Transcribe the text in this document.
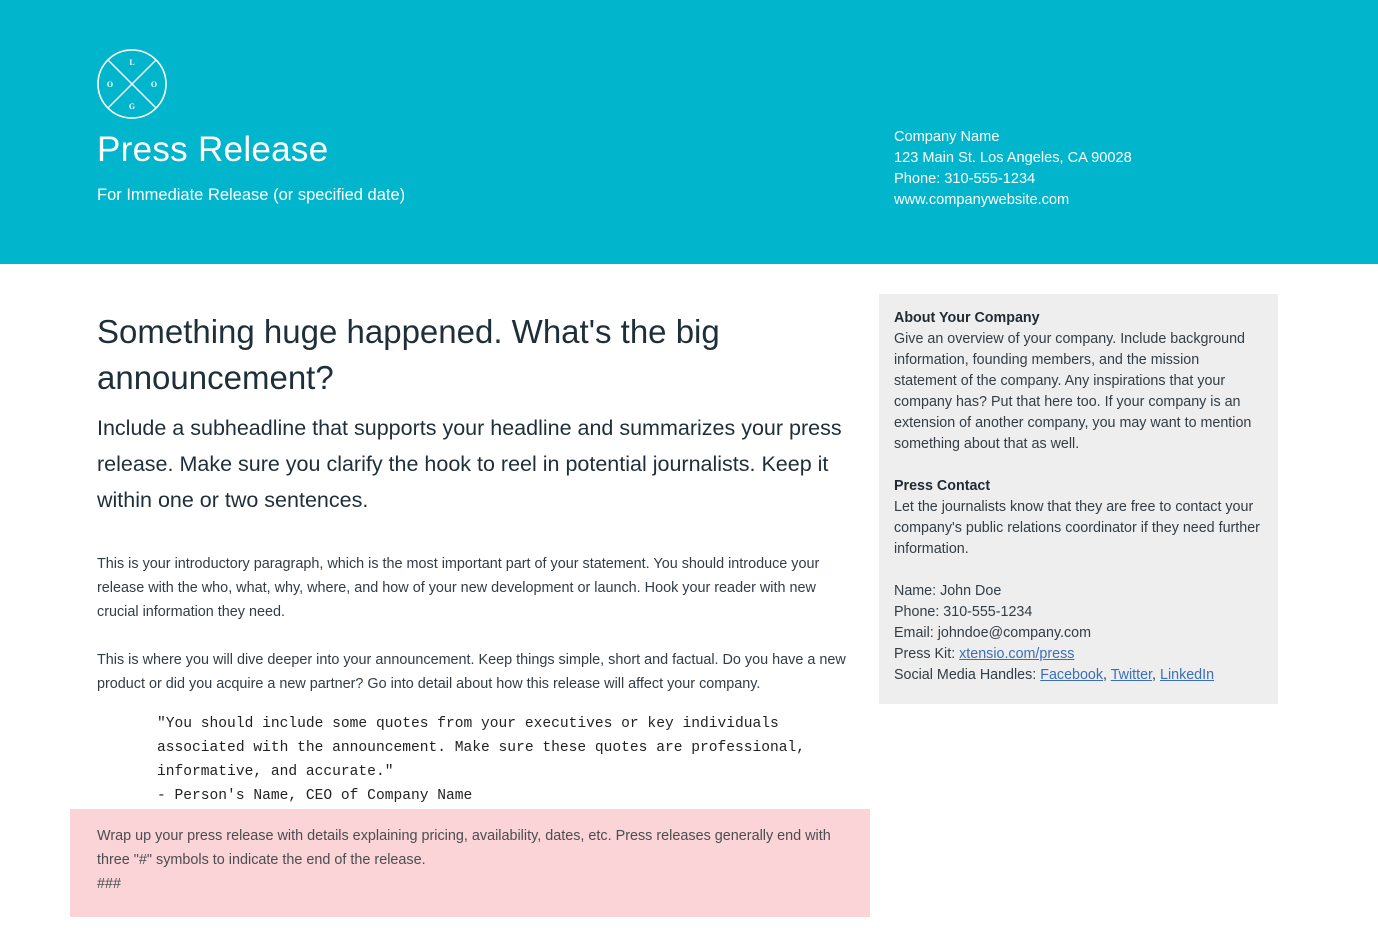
L
O	O
G
Press Release

For Immediate Release (or specified date)

Company Name
123 Main St. Los Angeles, CA 90028
Phone: 310-555-1234
www.companywebsite.com
Something huge happened. What's the big announcement?

Include a subheadline that supports your headline and summarizes your press release. Make sure you clarify the hook to reel in potential journalists. Keep it within one or two sentences.

This is your introductory paragraph, which is the most important part of your statement. You should introduce your release with the who, what, why, where, and how of your new development or launch. Hook your reader with new crucial information they need.

This is where you will dive deeper into your announcement. Keep things simple, short and factual. Do you have a new product or did you acquire a new partner? Go into detail about how this release will affect your company.

"You should include some quotes from your executives or key individuals associated with the announcement. Make sure these quotes are professional, informative, and accurate."
- Person's Name, CEO of Company Name

Wrap up your press release with details explaining pricing, availability, dates, etc. Press releases generally end with three "#" symbols to indicate the end of the release.

###
About Your Company

Give an overview of your company. Include background information, founding members, and the mission statement of the company. Any inspirations that your company has? Put that here too. If your company is an extension of another company, you may want to mention something about that as well.

Press Contact

Let the journalists know that they are free to contact your company's public relations coordinator if they need further information.

Name: John Doe

Phone: 310-555-1234

Email: johndoe@company.com

Press Kit: xtensio.com/press

Social Media Handles: Facebook, Twitter, LinkedIn
